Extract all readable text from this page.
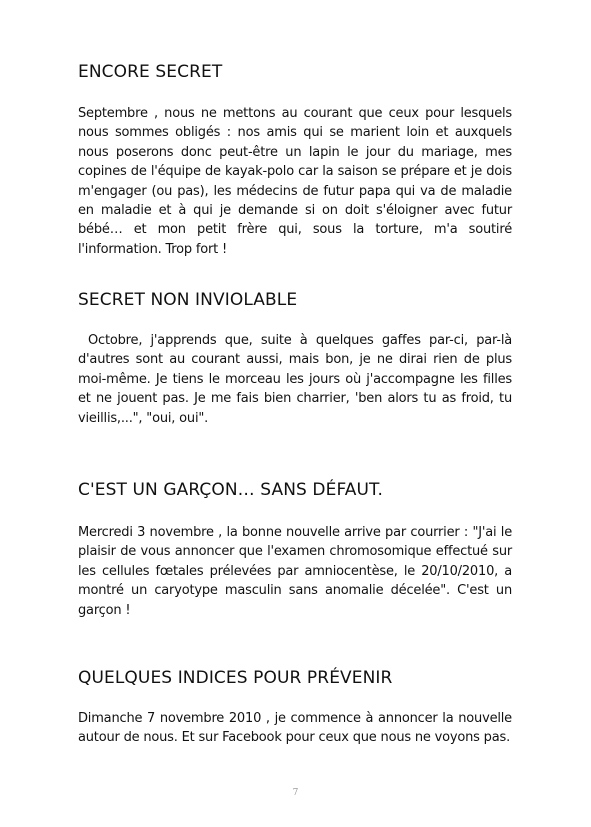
ENCORE SECRET

Septembre , nous ne mettons au courant que ceux pour lesquels nous sommes obligés : nos amis qui se marient loin et auxquels nous poserons donc peut-être un lapin le jour du mariage, mes copines de l'équipe de kayak-polo car la saison se prépare et je dois m'engager (ou pas), les médecins de futur papa qui va de maladie en maladie et à qui je demande si on doit s'éloigner avec futur bébé… et mon petit frère qui, sous la torture, m'a soutiré l'information. Trop fort !

SECRET NON INVIOLABLE

Octobre, j'apprends que, suite à quelques gaffes par-ci, par-là d'autres sont au courant aussi, mais bon, je ne dirai rien de plus moi-même. Je tiens le morceau les jours où j'accompagne les filles et ne jouent pas. Je me fais bien charrier, 'ben alors tu as froid, tu vieillis,...", "oui, oui".

C'EST UN GARÇON… SANS DÉFAUT.

Mercredi 3 novembre , la bonne nouvelle arrive par courrier : "J'ai le plaisir de vous annoncer que l'examen chromosomique effectué sur les cellules fœtales prélevées par amniocentèse, le 20/10/2010, a montré un caryotype masculin sans anomalie décelée". C'est un garçon !

QUELQUES INDICES POUR PRÉVENIR

Dimanche 7 novembre 2010 , je commence à annoncer la nouvelle autour de nous. Et sur Facebook pour ceux que nous ne voyons pas.

7
